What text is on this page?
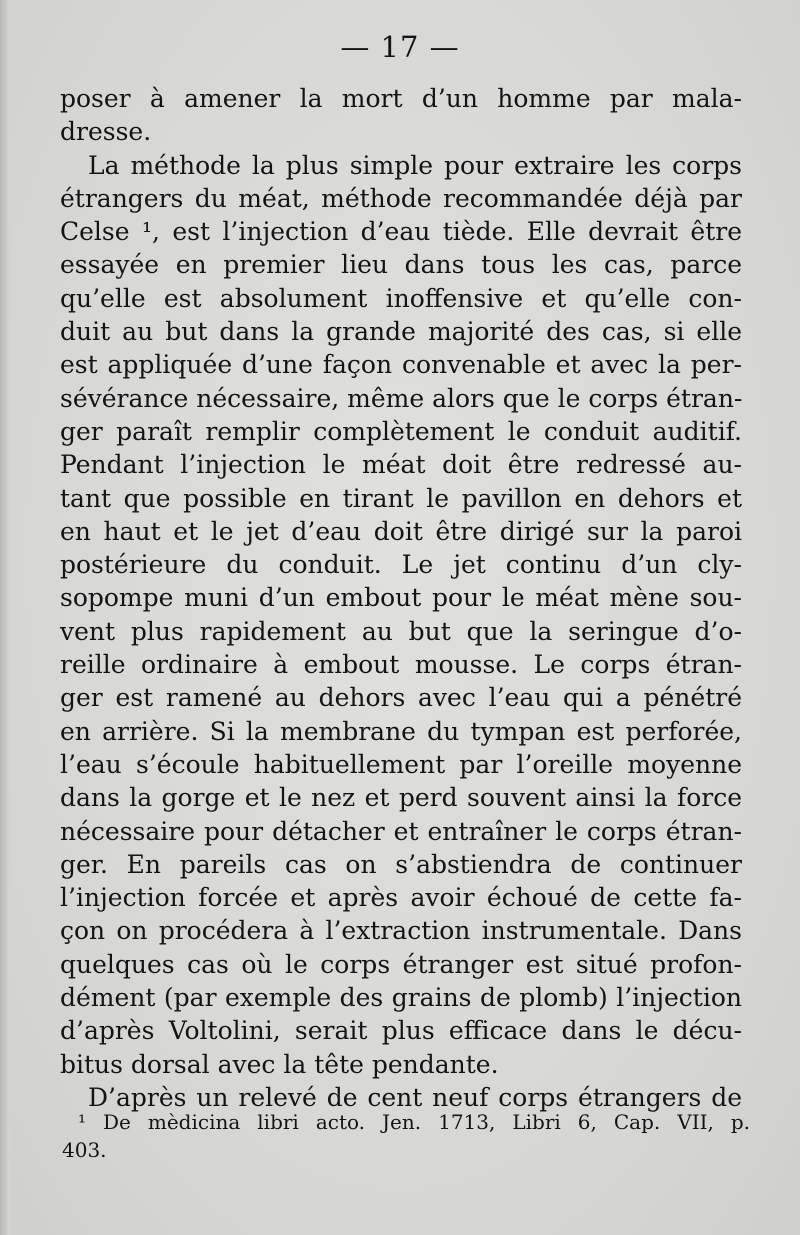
— 17 —
poser à amener la mort d’un homme par mala-
dresse.
La méthode la plus simple pour extraire les corps
étrangers du méat, méthode recommandée déjà par
Celse ¹, est l’injection d’eau tiède. Elle devrait être
essayée en premier lieu dans tous les cas, parce
qu’elle est absolument inoffensive et qu’elle con-
duit au but dans la grande majorité des cas, si elle
est appliquée d’une façon convenable et avec la per-
sévérance nécessaire, même alors que le corps étran-
ger paraît remplir complètement le conduit auditif.
Pendant l’injection le méat doit être redressé au-
tant que possible en tirant le pavillon en dehors et
en haut et le jet d’eau doit être dirigé sur la paroi
postérieure du conduit. Le jet continu d’un cly-
sopompe muni d’un embout pour le méat mène sou-
vent plus rapidement au but que la seringue d’o-
reille ordinaire à embout mousse. Le corps étran-
ger est ramené au dehors avec l’eau qui a pénétré
en arrière. Si la membrane du tympan est perforée,
l’eau s’écoule habituellement par l’oreille moyenne
dans la gorge et le nez et perd souvent ainsi la force
nécessaire pour détacher et entraîner le corps étran-
ger. En pareils cas on s’abstiendra de continuer
l’injection forcée et après avoir échoué de cette fa-
çon on procédera à l’extraction instrumentale. Dans
quelques cas où le corps étranger est situé profon-
dément (par exemple des grains de plomb) l’injection
d’après Voltolini, serait plus efficace dans le décu-
bitus dorsal avec la tête pendante.
D’après un relevé de cent neuf corps étrangers de
¹ De mèdicina libri acto. Jen. 1713, Libri 6, Cap. VII, p.
403.
